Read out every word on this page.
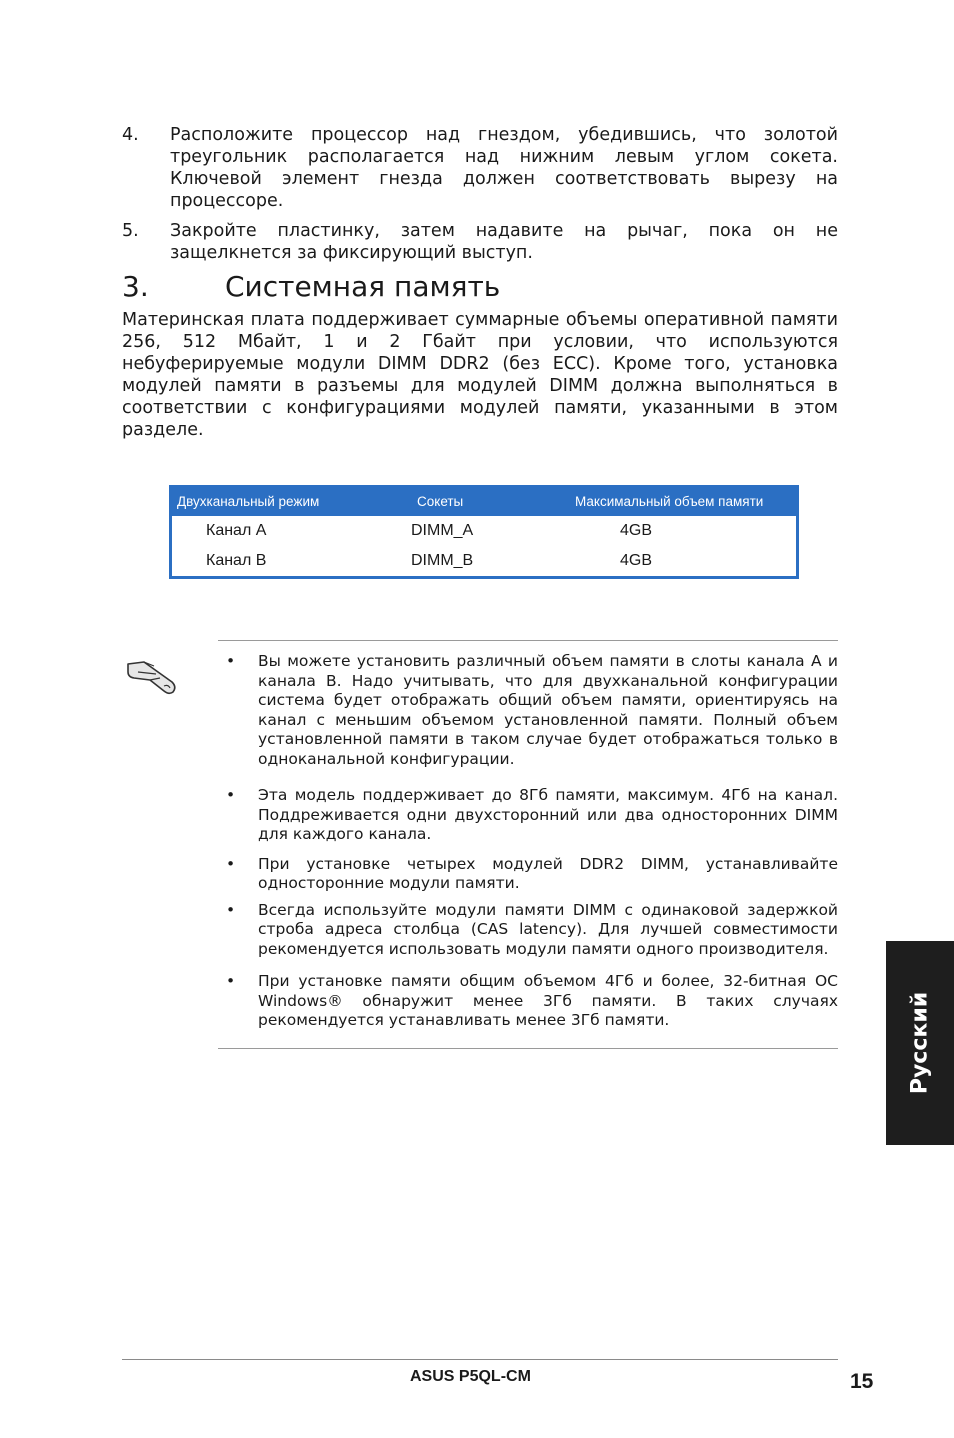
4.	Расположите процессор над гнездом, убедившись, что золотой треугольник располагается над нижним левым углом сокета. Ключевой элемент гнезда должен соответствовать вырезу на процессоре.
5.	Закройте пластинку, затем надавите на рычаг, пока он не защелкнется за фиксирующий выступ.
3.	Системная память
Материнская плата поддерживает суммарные объемы оперативной памяти 256, 512 Мбайт, 1 и 2 Гбайт при условии, что используются небуферируемые модули DIMM DDR2 (без ECC). Кроме того, установка модулей памяти в разъемы для модулей DIMM должна выполняться в соответствии с конфигурациями модулей памяти, указанными в этом разделе.
Двухканальный режим	Сокеты	Максимальный объем памяти
Канал A	DIMM_A	4GB
Канал B	DIMM_B	4GB
• Вы можете установить различный объем памяти в слоты канала A и канала B. Надо учитывать, что для двухканальной конфигурации система будет отображать общий объем памяти, ориентируясь на канал с меньшим объемом установленной памяти. Полный объем установленной памяти в таком случае будет отображаться только в одноканальной конфигурации.
• Эта модель поддерживает до 8Гб памяти, максимум. 4Гб на канал. Поддреживается одни двухсторонний или два односторонних DIMM для каждого канала.
• При установке четырех модулей DDR2 DIMM, устанавливайте односторонние модули памяти.
• Всегда используйте модули памяти DIMM с одинаковой задержкой строба адреса столбца (CAS latency). Для лучшей совместимости рекомендуется использовать модули памяти одного производителя.
• При установке памяти общим объемом 4Гб и более, 32-битная ОС Windows® обнаружит менее 3Гб памяти. В таких случаях рекомендуется устанавливать менее 3Гб памяти.	Русский
ASUS P5QL-CM	15
